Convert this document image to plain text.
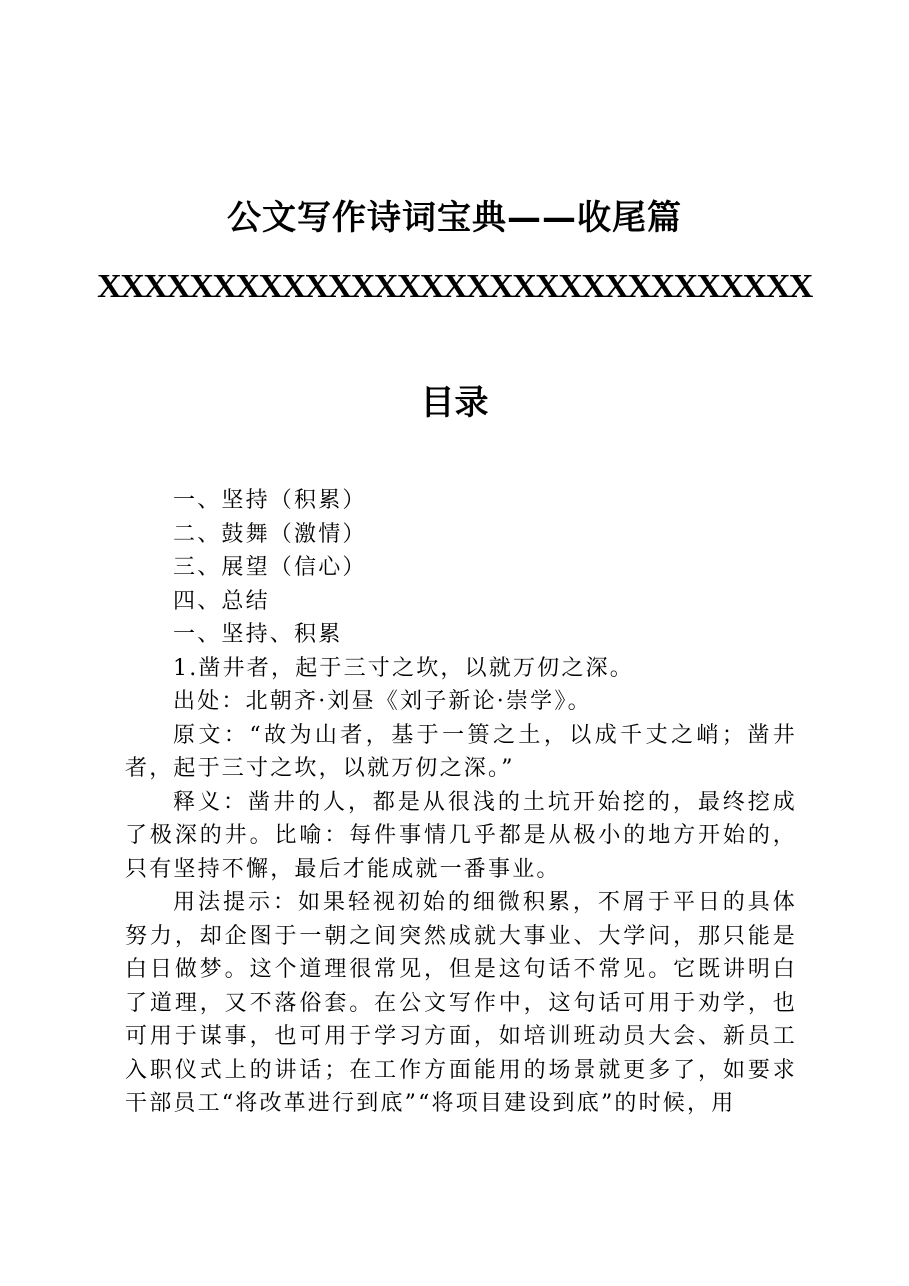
公文写作诗词宝典——收尾篇
XXXXXXXXXXXXXXXXXXXXXXXXXXXXXXX
目录

一、坚持（积累）

二、鼓舞（激情）

三、展望（信心）

四、总结

一、坚持、积累

1.凿井者，起于三寸之坎，以就万仞之深。

出处：北朝齐·刘昼《刘子新论·崇学》。

原文：“故为山者，基于一篑之土，以成千丈之峭；凿井者，起于三寸之坎，以就万仞之深。”

释义：凿井的人，都是从很浅的土坑开始挖的，最终挖成了极深的井。比喻：每件事情几乎都是从极小的地方开始的，只有坚持不懈，最后才能成就一番事业。

用法提示：如果轻视初始的细微积累，不屑于平日的具体努力，却企图于一朝之间突然成就大事业、大学问，那只能是白日做梦。这个道理很常见，但是这句话不常见。它既讲明白了道理，又不落俗套。在公文写作中，这句话可用于劝学，也可用于谋事，也可用于学习方面，如培训班动员大会、新员工入职仪式上的讲话；在工作方面能用的场景就更多了，如要求干部员工“将改革进行到底”“将项目建设到底”的时候，用
